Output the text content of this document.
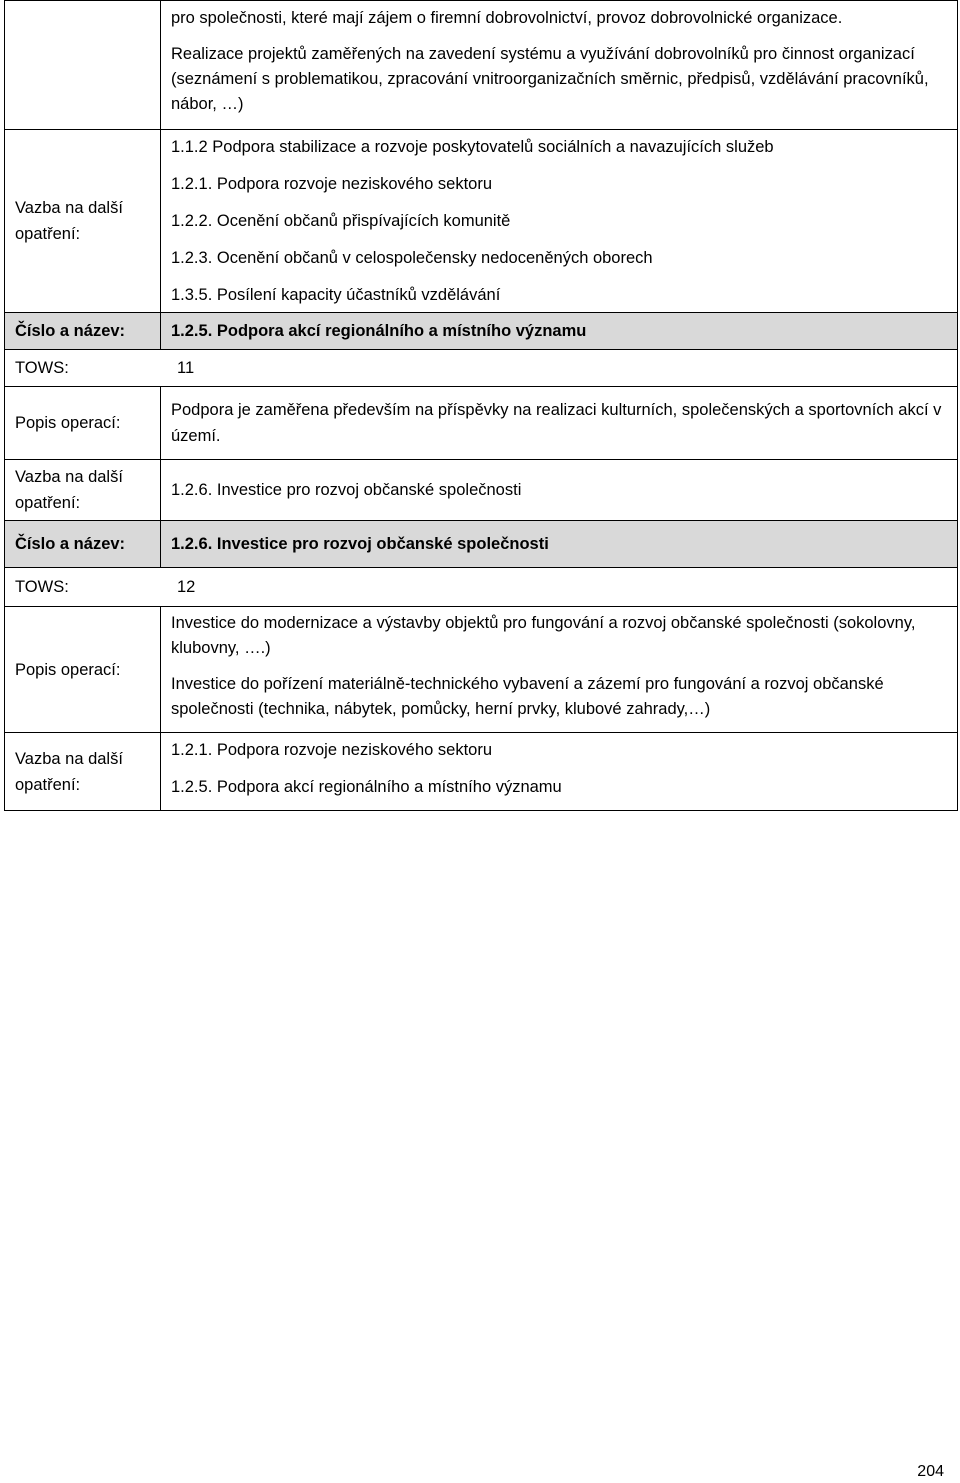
	pro společnosti, které mají zájem o firemní dobrovolnictví, provoz dobrovolnické organizace.
Realizace projektů zaměřených na zavedení systému a využívání dobrovolníků pro činnost organizací (seznámení s problematikou, zpracování vnitroorganizačních směrnic, předpisů, vzdělávání pracovníků, nábor, …)

Vazba na další opatření:	1.1.2 Podpora stabilizace a rozvoje poskytovatelů sociálních a navazujících služeb
1.2.1. Podpora rozvoje neziskového sektoru
1.2.2. Ocenění občanů přispívajících komunitě
1.2.3. Ocenění občanů v celospolečensky nedoceněných oborech
1.3.5. Posílení kapacity účastníků vzdělávání

Číslo a název:	1.2.5. Podpora akcí regionálního a místního významu
TOWS: 11	

Popis operací:	Podpora je zaměřena především na příspěvky na realizaci kulturních, společenských a sportovních akcí v území.
Vazba na další opatření:	1.2.6. Investice pro rozvoj občanské společnosti
Číslo a název:	1.2.6. Investice pro rozvoj občanské společnosti
TOWS: 12	

Popis operací:	Investice do modernizace a výstavby objektů pro fungování a rozvoj občanské společnosti (sokolovny, klubovny, ….)
Investice do pořízení materiálně-technického vybavení a zázemí pro fungování a rozvoj občanské společnosti (technika, nábytek, pomůcky, herní prvky, klubové zahrady,…)

Vazba na další opatření:	1.2.1. Podpora rozvoje neziskového sektoru
1.2.5. Podpora akcí regionálního a místního významu
204
